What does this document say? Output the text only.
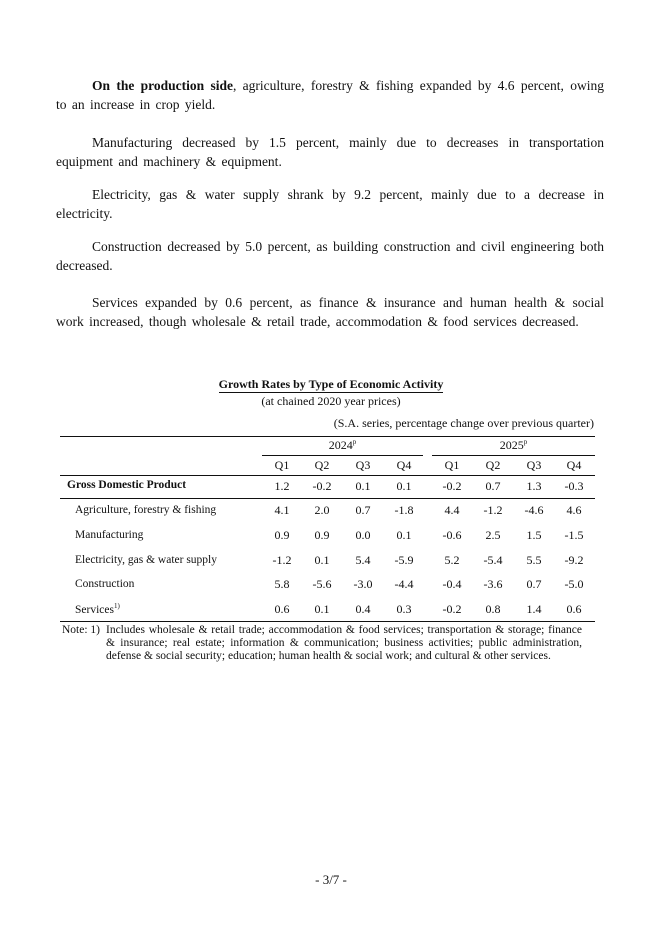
On the production side, agriculture, forestry & fishing expanded by 4.6 percent, owing to an increase in crop yield.
Manufacturing decreased by 1.5 percent, mainly due to decreases in transportation equipment and machinery & equipment.
Electricity, gas & water supply shrank by 9.2 percent, mainly due to a decrease in electricity.
Construction decreased by 5.0 percent, as building construction and civil engineering both decreased.
Services expanded by 0.6 percent, as finance & insurance and human health & social work increased, though wholesale & retail trade, accommodation & food services decreased.
Growth Rates by Type of Economic Activity
(at chained 2020 year prices)
(S.A. series, percentage change over previous quarter)
2024$^p$	2025$^p$
Q1	Q2	Q3	Q4	Q1	Q2	Q3	Q4
Gross Domestic Product	1.2	-0.2	0.1	0.1	-0.2	0.7	1.3	-0.3
Agriculture, forestry & fishing	4.1	2.0	0.7	-1.8	4.4	-1.2	-4.6	4.6
Manufacturing	0.9	0.9	0.0	0.1	-0.6	2.5	1.5	-1.5
Electricity, gas & water supply	-1.2	0.1	5.4	-5.9	5.2	-5.4	5.5	-9.2
Construction	5.8	-5.6	-3.0	-4.4	-0.4	-3.6	0.7	-5.0
Services$^{1)}$	0.6	0.1	0.4	0.3	-0.2	0.8	1.4	0.6
Note: 1) Includes wholesale & retail trade; accommodation & food services; transportation & storage; finance & insurance; real estate; information & communication; business activities; public administration, defense & social security; education; human health & social work; and cultural & other services.
- 3/7 -
